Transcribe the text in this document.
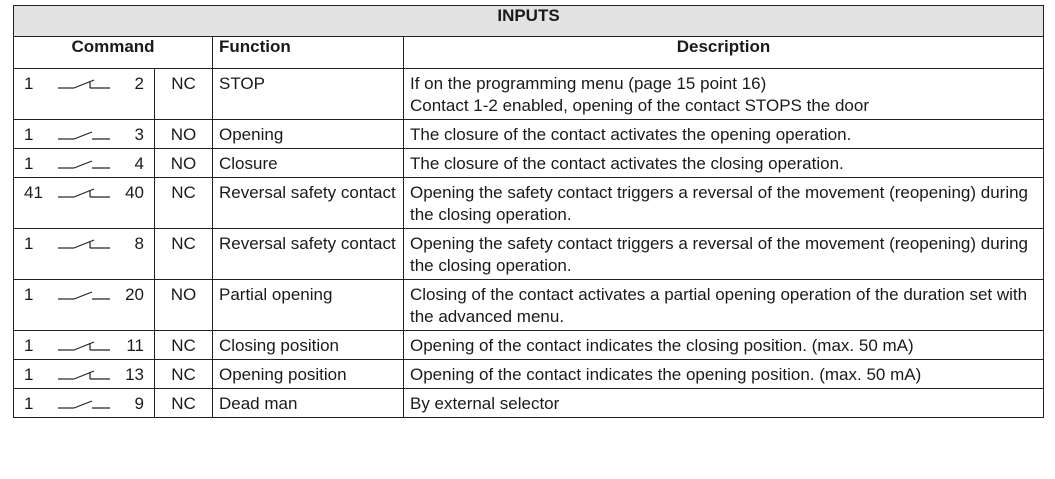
INPUTS			
Command		Function	Description

1 2	NC	STOP	If on the programming menu (page 15 point 16)
Contact 1-2 enabled, opening of the contact STOPS the door

1 3	NO	Opening	The closure of the contact activates the opening operation.

1 4	NO	Closure	The closure of the contact activates the closing operation.

41 40	NC	Reversal safety contact	Opening the safety contact triggers a reversal of the movement (reopening) during the closing operation.

1 8	NC	Reversal safety contact	Opening the safety contact triggers a reversal of the movement (reopening) during the closing operation.

1 20	NO	Partial opening	Closing of the contact activates a partial opening operation of the duration set with the advanced menu.

1 11	NC	Closing position	Opening of the contact indicates the closing position. (max. 50 mA)

1 13	NC	Opening position	Opening of the contact indicates the opening position. (max. 50 mA)

1 9	NC	Dead man	By external selector
